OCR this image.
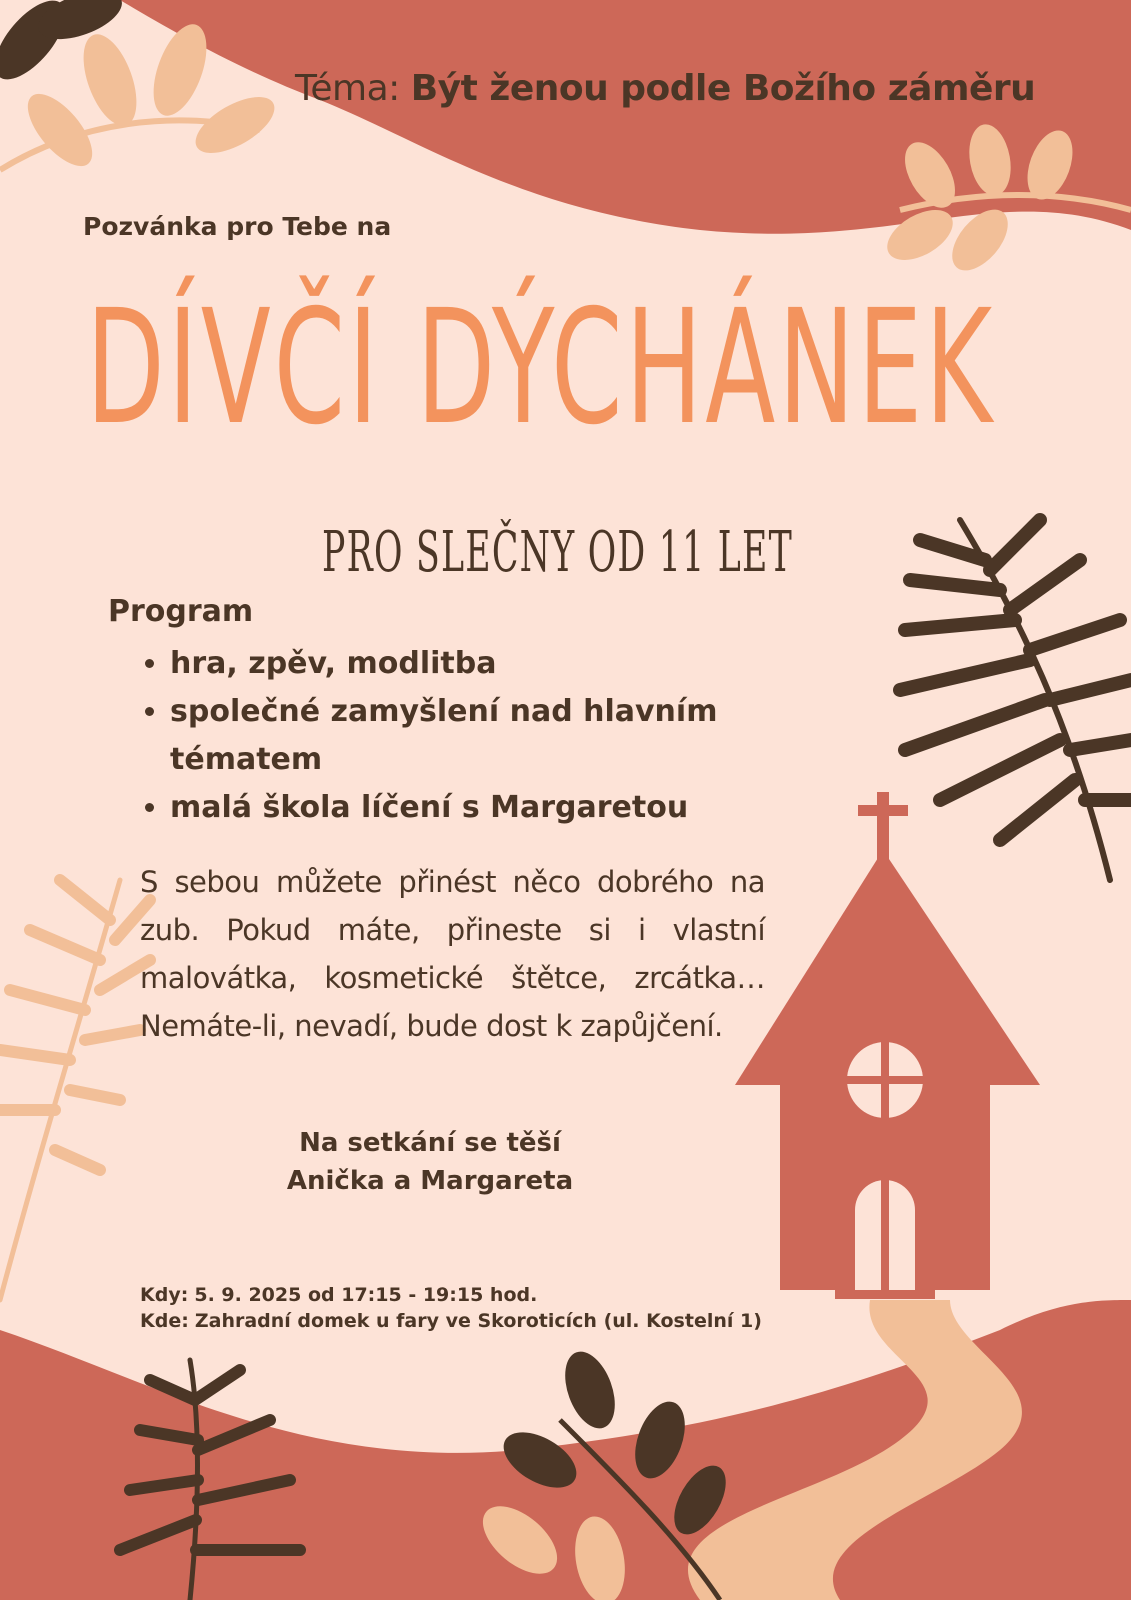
Téma: Být ženou podle Božího záměru
Pozvánka pro Tebe na
DÍVČÍ DÝCHÁNEK
PRO SLEČNY OD 11 LET
Program
• hra, zpěv, modlitba
• společné zamyšlení nad hlavním tématem
• malá škola líčení s Margaretou
S sebou můžete přinést něco dobrého na zub. Pokud máte, přineste si i vlastní malovátka, kosmetické štětce, zrcátka… Nemáte-li, nevadí, bude dost k zapůjčení.
Na setkání se těší
Anička a Margareta
Kdy: 5. 9. 2025 od 17:15 - 19:15 hod.
Kde: Zahradní domek u fary ve Skoroticích (ul. Kostelní 1)
